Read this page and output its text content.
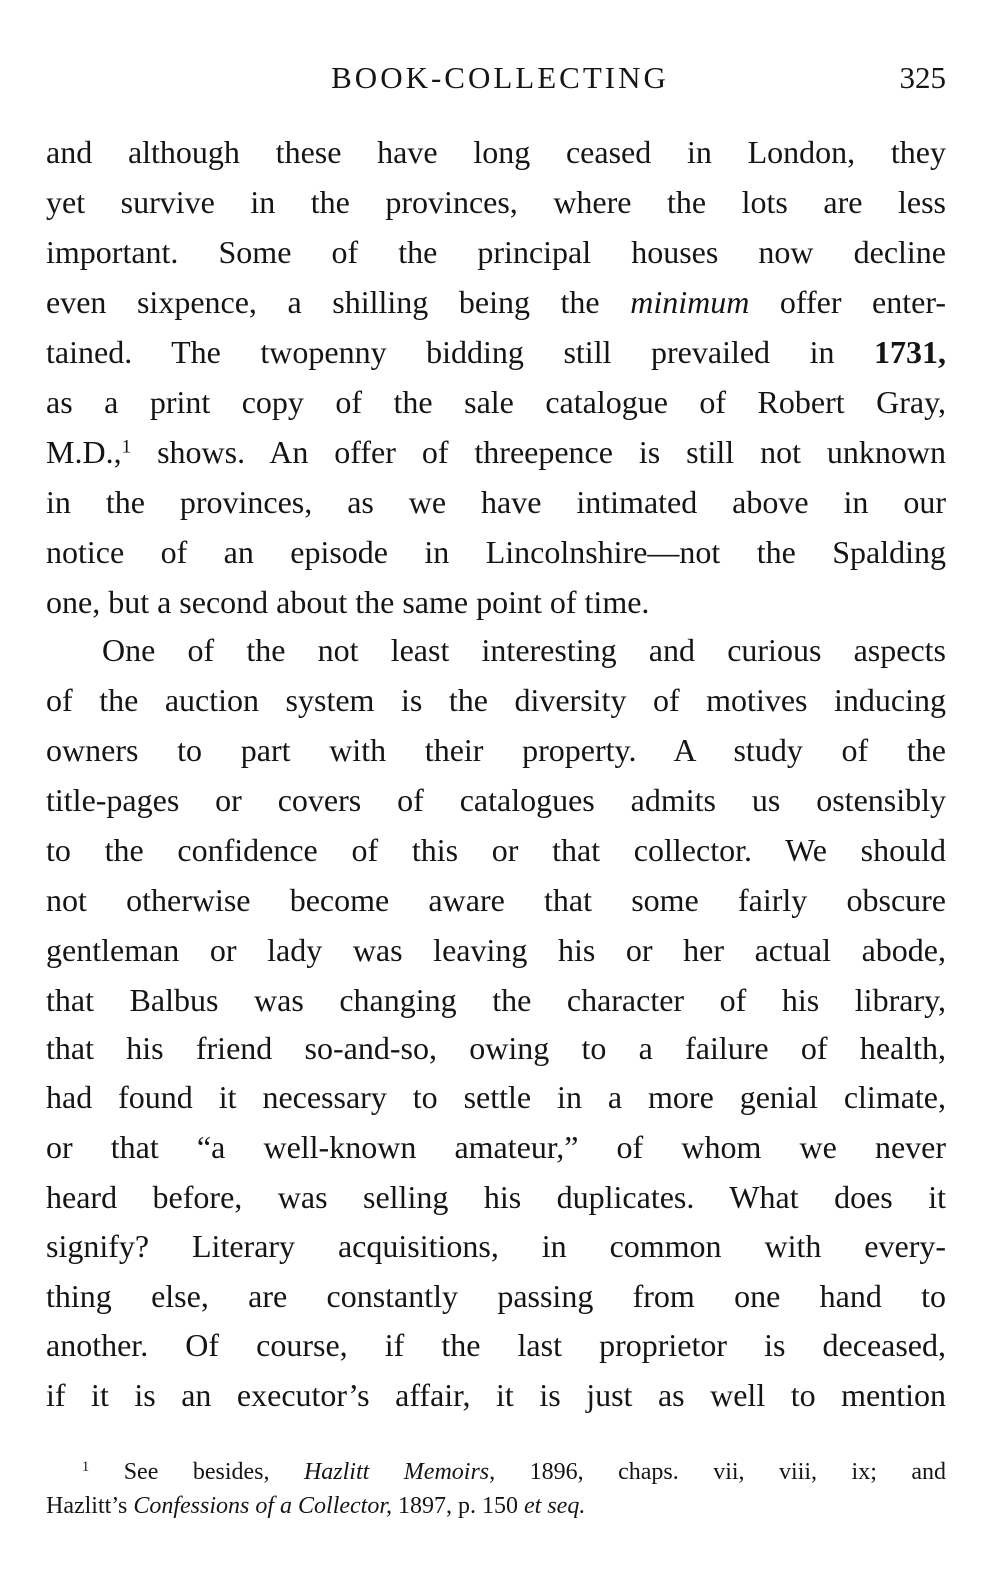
BOOK-COLLECTING	325
and although these have long ceased in London, they
yet survive in the provinces, where the lots are less
important. Some of the principal houses now decline
even sixpence, a shilling being the minimum offer enter-
tained. The twopenny bidding still prevailed in 1731,
as a print copy of the sale catalogue of Robert Gray,
M.D.,$^1$ shows. An offer of threepence is still not unknown
in the provinces, as we have intimated above in our
notice of an episode in Lincolnshire—not the Spalding
one, but a second about the same point of time.
One of the not least interesting and curious aspects
of the auction system is the diversity of motives inducing
owners to part with their property. A study of the
title-pages or covers of catalogues admits us ostensibly
to the confidence of this or that collector. We should
not otherwise become aware that some fairly obscure
gentleman or lady was leaving his or her actual abode,
that Balbus was changing the character of his library,
that his friend so-and-so, owing to a failure of health,
had found it necessary to settle in a more genial climate,
or that “a well-known amateur,” of whom we never
heard before, was selling his duplicates. What does it
signify? Literary acquisitions, in common with every-
thing else, are constantly passing from one hand to
another. Of course, if the last proprietor is deceased,
if it is an executor’s affair, it is just as well to mention
$^1$ See besides, Hazlitt Memoirs, 1896, chaps. vii, viii, ix; and
Hazlitt’s Confessions of a Collector, 1897, p. 150 et seq.
